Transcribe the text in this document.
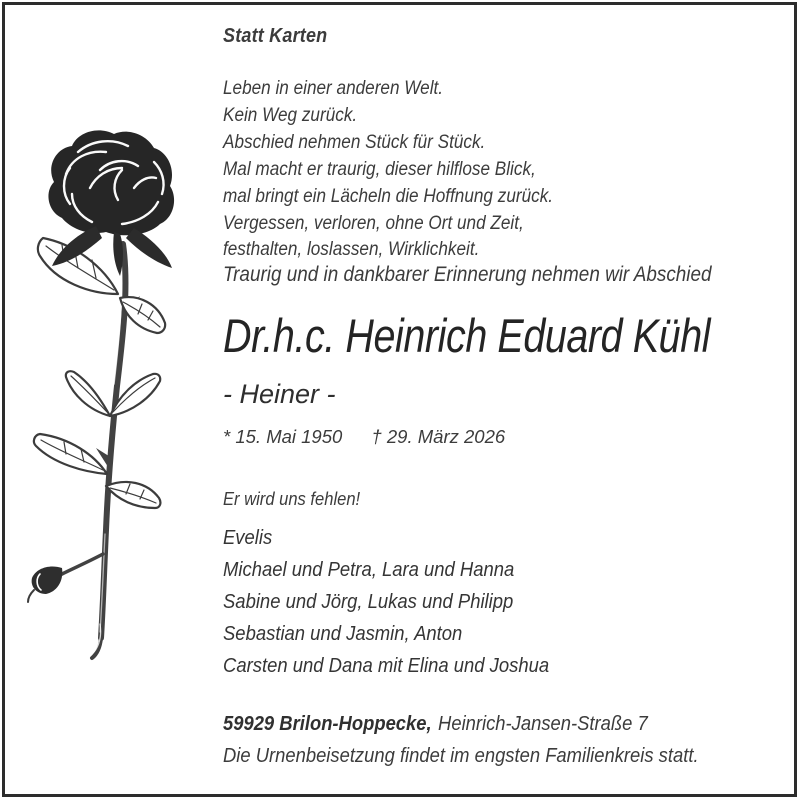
Statt Karten
Leben in einer anderen Welt.
Kein Weg zurück.
Abschied nehmen Stück für Stück.
Mal macht er traurig, dieser hilflose Blick,
mal bringt ein Lächeln die Hoffnung zurück.
Vergessen, verloren, ohne Ort und Zeit,
festhalten, loslassen, Wirklichkeit.
Traurig und in dankbarer Erinnerung nehmen wir Abschied
Dr.h.c. Heinrich Eduard Kühl
- Heiner -
* 15. Mai 1950 † 29. März 2026
Er wird uns fehlen!
Evelis
Michael und Petra, Lara und Hanna
Sabine und Jörg, Lukas und Philipp
Sebastian und Jasmin, Anton
Carsten und Dana mit Elina und Joshua
59929 Brilon-Hoppecke, Heinrich-Jansen-Straße 7
Die Urnenbeisetzung findet im engsten Familienkreis statt.
